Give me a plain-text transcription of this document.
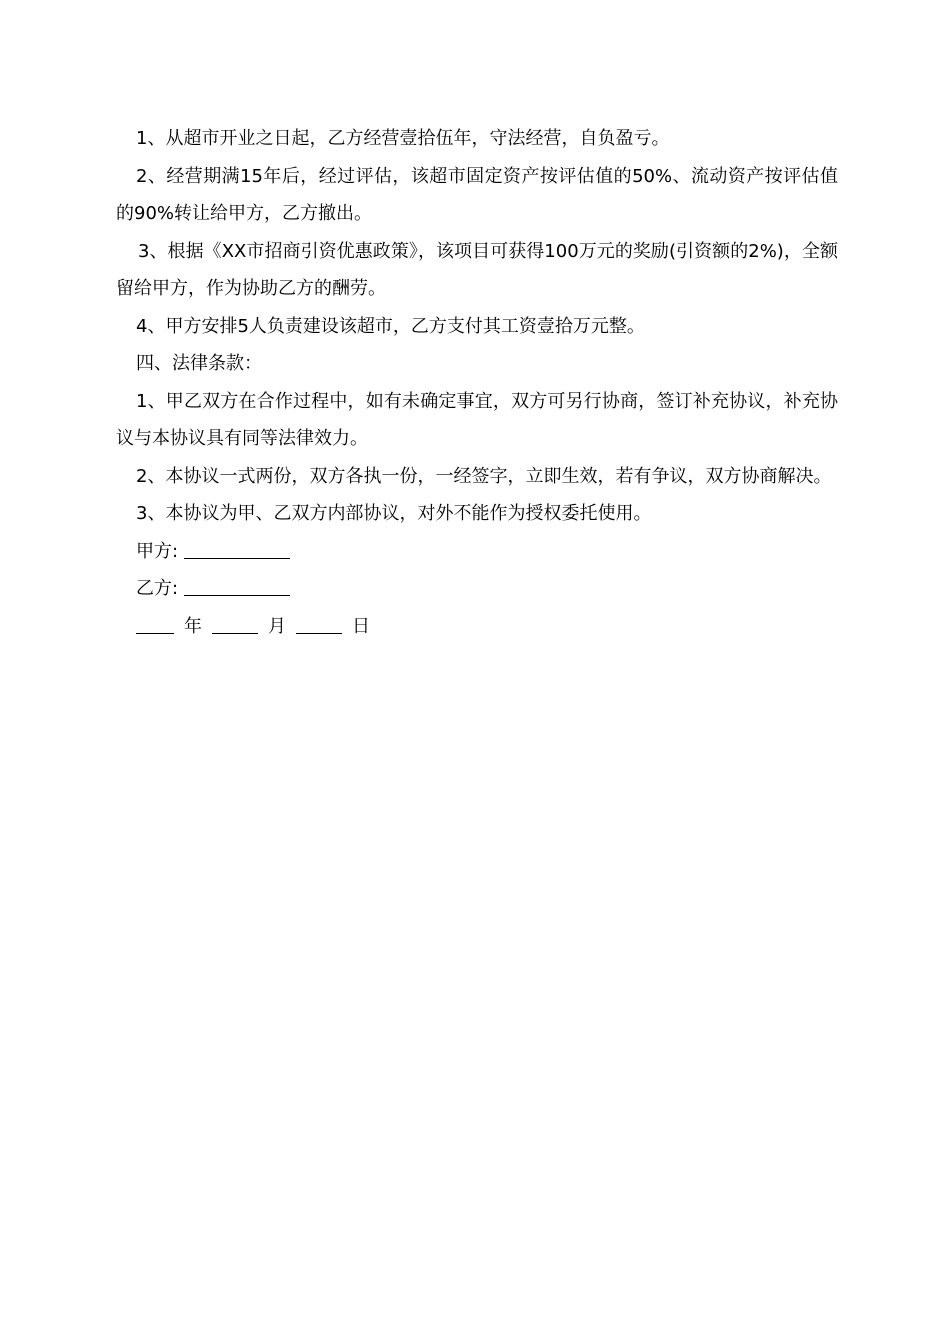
1、从超市开业之日起，乙方经营壹拾伍年，守法经营，自负盈亏。

2、经营期满15年后，经过评估，该超市固定资产按评估值的50%、流动资产按评估值的90%转让给甲方，乙方撤出。

3、根据《XX市招商引资优惠政策》，该项目可获得100万元的奖励(引资额的2%)，全额留给甲方，作为协助乙方的酬劳。

4、甲方安排5人负责建设该超市，乙方支付其工资壹拾万元整。

四、法律条款：

1、甲乙双方在合作过程中，如有未确定事宜，双方可另行协商，签订补充协议，补充协议与本协议具有同等法律效力。

2、本协议一式两份，双方各执一份，一经签字，立即生效，若有争议，双方协商解决。

3、本协议为甲、乙双方内部协议，对外不能作为授权委托使用。

甲方:
乙方:
年	月	日
